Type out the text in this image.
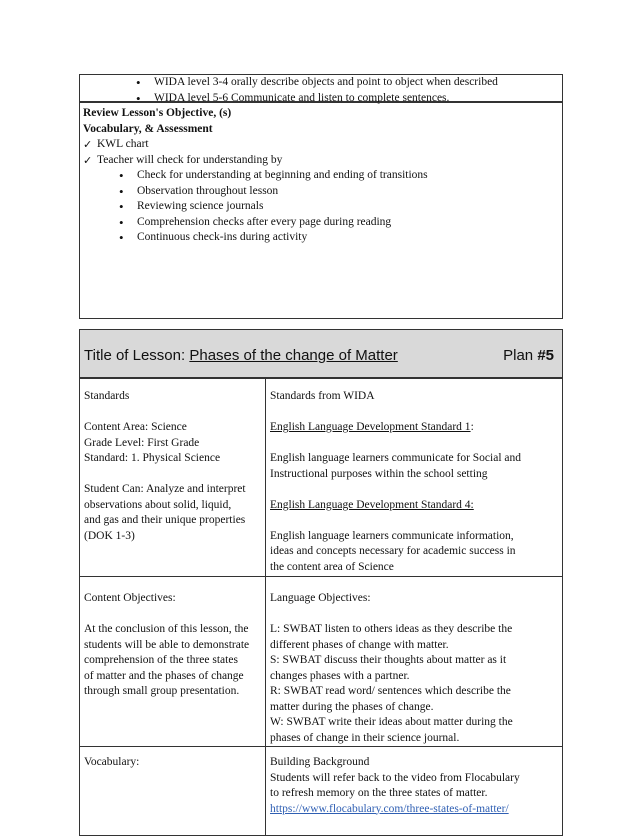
• WIDA level 3-4 orally describe objects and point to object when described
• WIDA level 5-6 Communicate and listen to complete sentences.
Review Lesson's Objective, (s)
Vocabulary, & Assessment
✓ KWL chart
✓ Teacher will check for understanding by
• Check for understanding at beginning and ending of transitions
• Observation throughout lesson
• Reviewing science journals
• Comprehension checks after every page during reading
• Continuous check-ins during activity
Title of Lesson: Phases of the change of Matter	Plan #5
Standards
Content Area: Science
Grade Level: First Grade
Standard: 1. Physical Science
Student Can: Analyze and interpret
observations about solid, liquid,
and gas and their unique properties
(DOK 1-3)
Standards from WIDA
English Language Development Standard 1:
English language learners communicate for Social and
Instructional purposes within the school setting
English Language Development Standard 4:
English language learners communicate information,
ideas and concepts necessary for academic success in
the content area of Science
Content Objectives:
At the conclusion of this lesson, the
students will be able to demonstrate
comprehension of the three states
of matter and the phases of change
through small group presentation.
Language Objectives:
L: SWBAT listen to others ideas as they describe the
different phases of change with matter.
S: SWBAT discuss their thoughts about matter as it
changes phases with a partner.
R: SWBAT read word/ sentences which describe the
matter during the phases of change.
W: SWBAT write their ideas about matter during the
phases of change in their science journal.
Vocabulary:	Building Background
Students will refer back to the video from Flocabulary
to refresh memory on the three states of matter.
https://www.flocabulary.com/three-states-of-matter/
